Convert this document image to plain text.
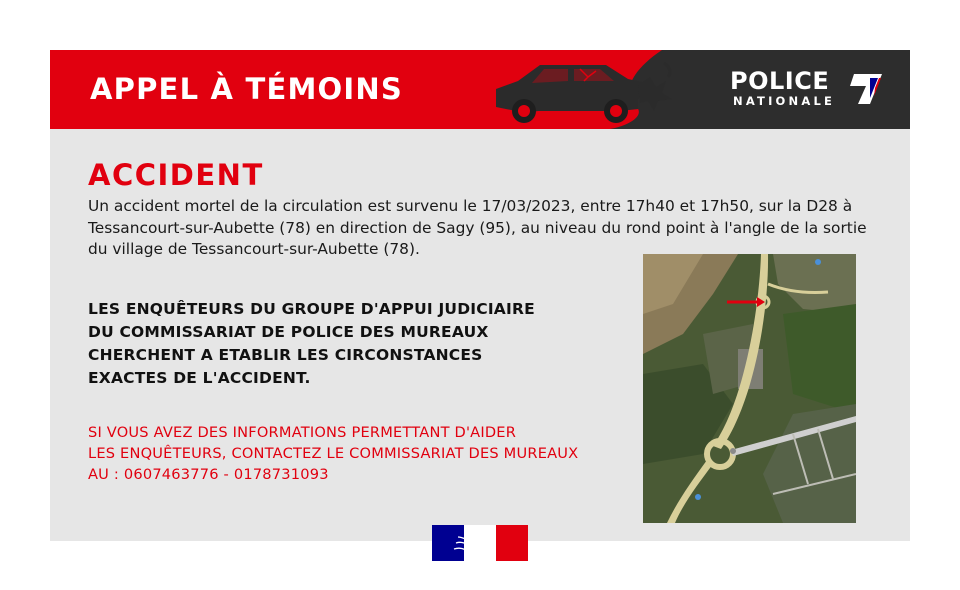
APPEL À TÉMOINS	POLICE
NATIONALE
ACCIDENT

Un accident mortel de la circulation est survenu le 17/03/2023, entre 17h40 et 17h50, sur la D28 à Tessancourt-sur-Aubette (78) en direction de Sagy (95), au niveau du rond point à l'angle de la sortie du village de Tessancourt-sur-Aubette (78).

LES ENQUÊTEURS DU GROUPE D'APPUI JUDICIAIRE
DU COMMISSARIAT DE POLICE DES MUREAUX
CHERCHENT A ETABLIR LES CIRCONSTANCES
EXACTES DE L'ACCIDENT.
SI VOUS AVEZ DES INFORMATIONS PERMETTANT D'AIDER
LES ENQUÊTEURS, CONTACTEZ LE COMMISSARIAT DES MUREAUX
AU : 0607463776 - 0178731093
